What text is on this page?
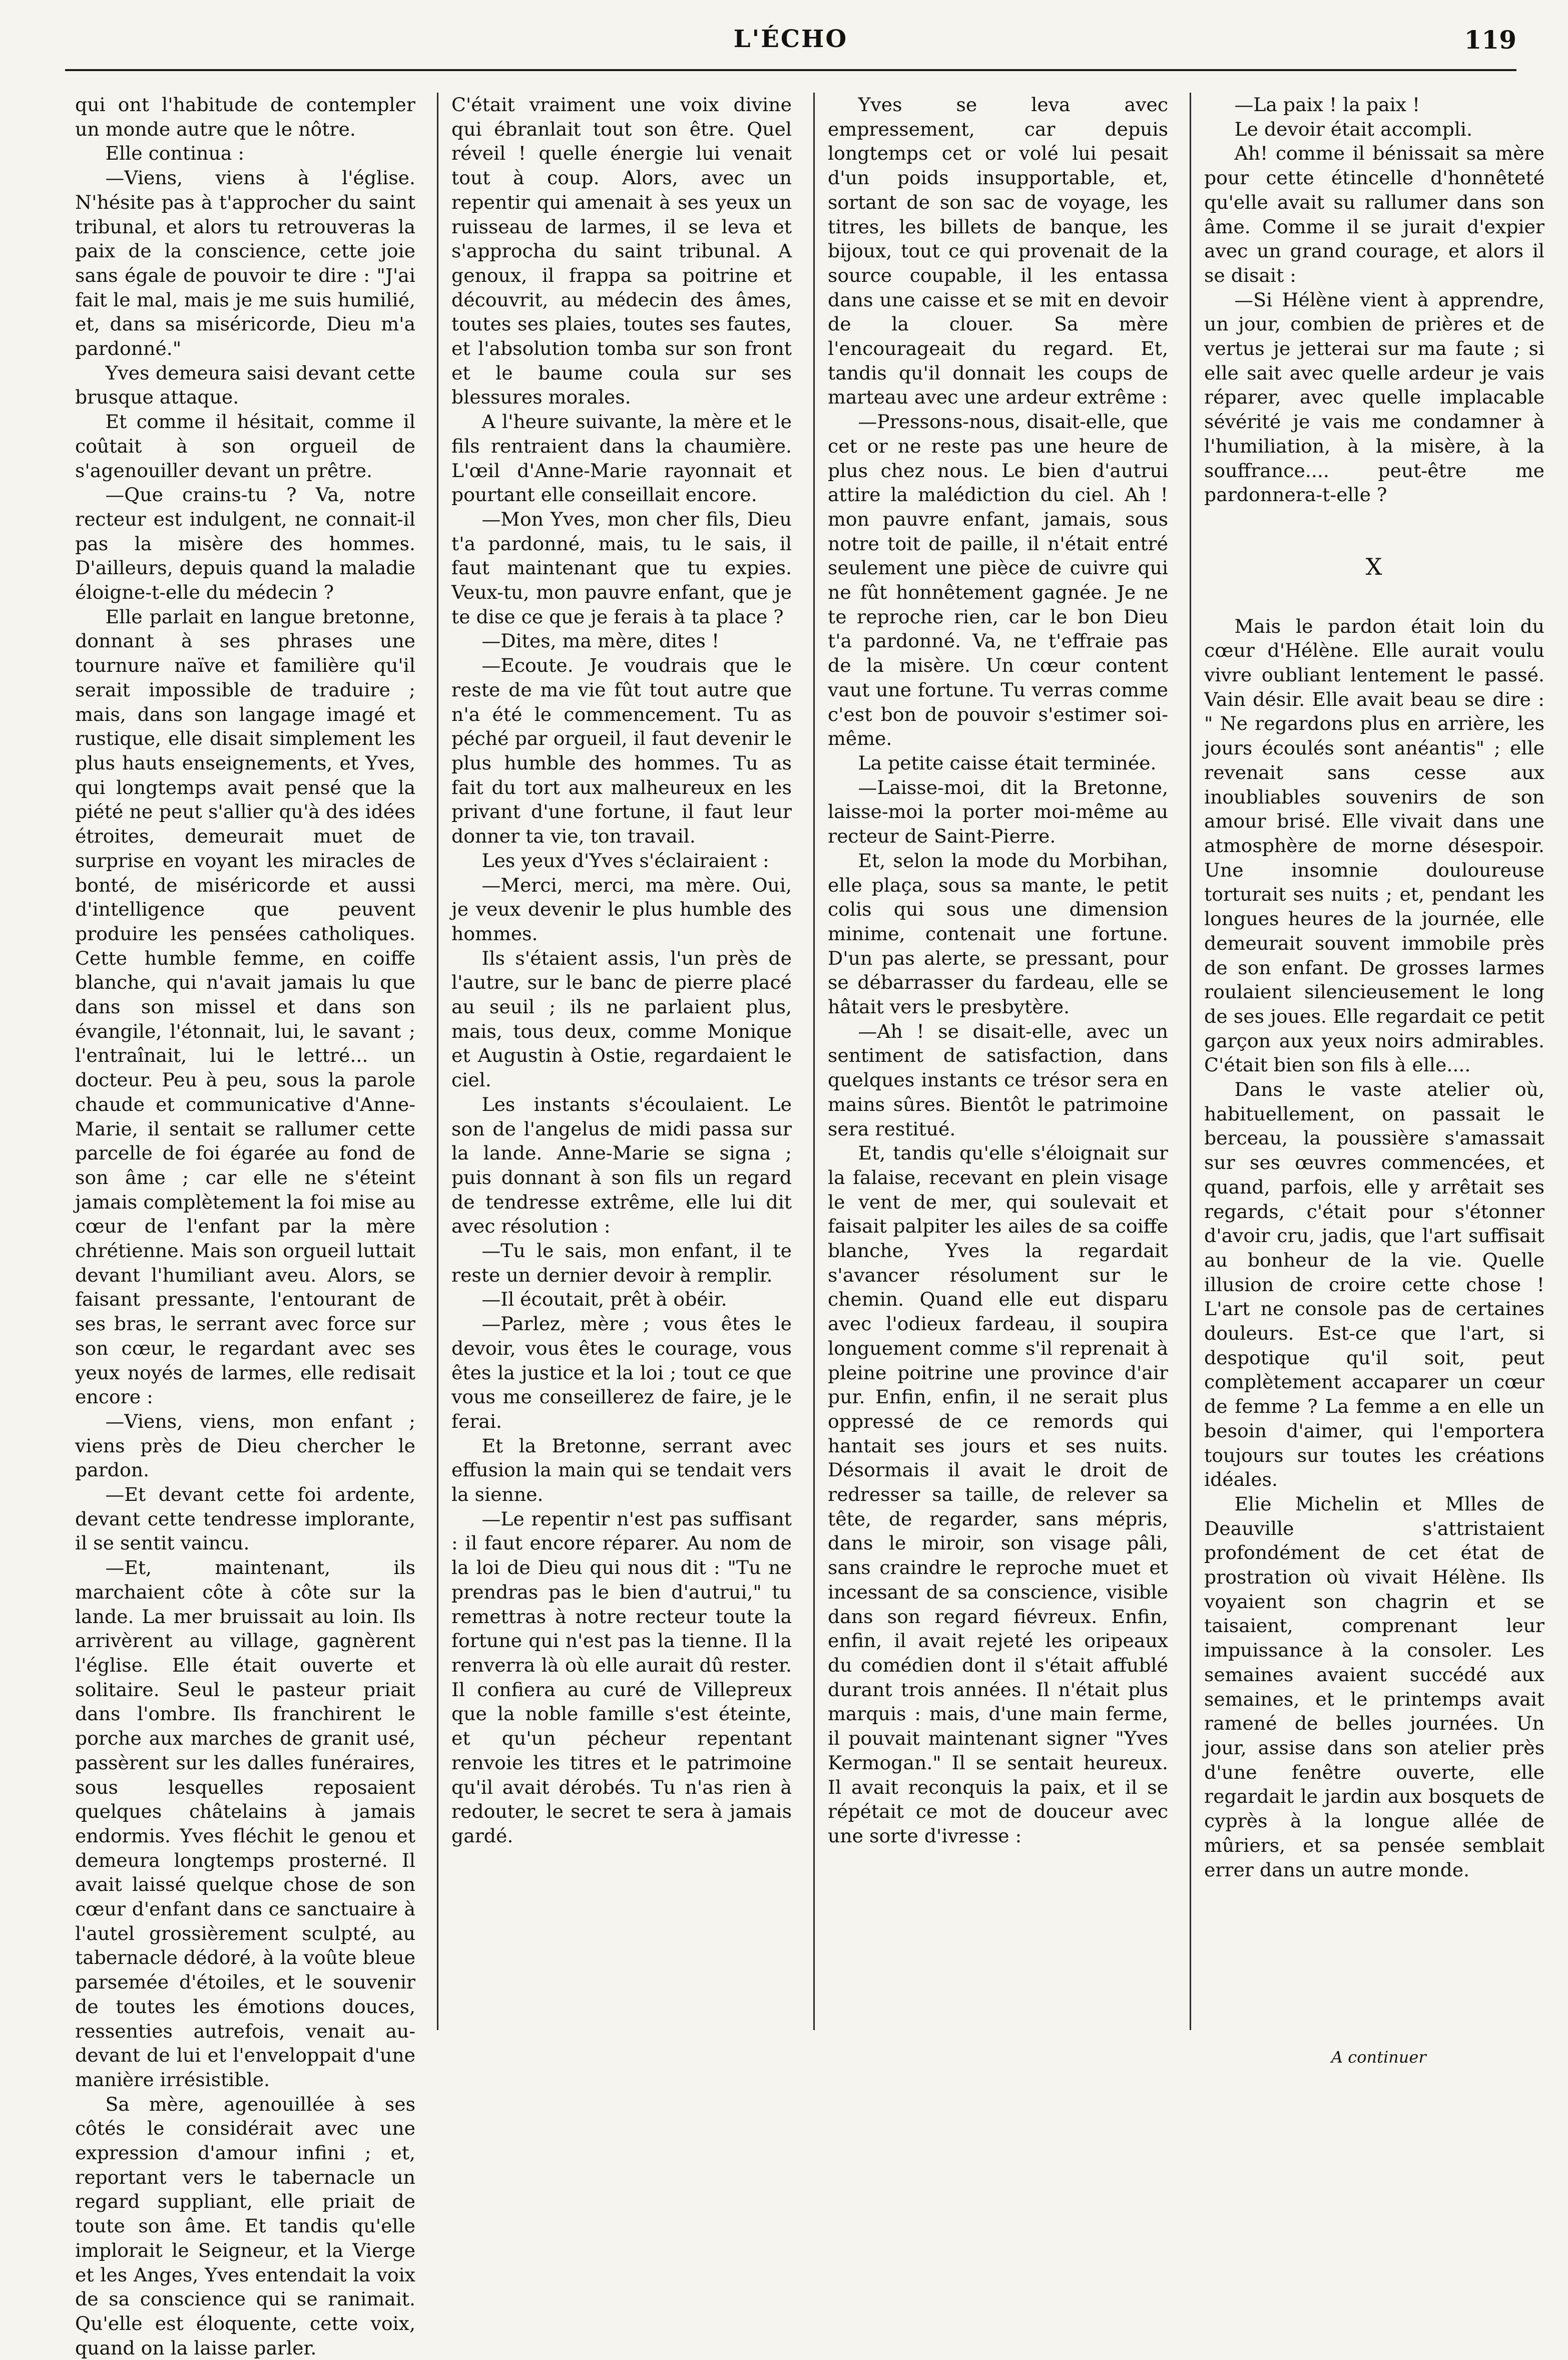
L'ÉCHO	119

qui ont l'habitude de contempler un monde autre que le nôtre.

Elle continua :

—Viens, viens à l'église. N'hésite pas à t'approcher du saint tribunal, et alors tu retrouveras la paix de la conscience, cette joie sans égale de pouvoir te dire : "J'ai fait le mal, mais je me suis humilié, et, dans sa miséricorde, Dieu m'a pardonné."

Yves demeura saisi devant cette brusque attaque.

Et comme il hésitait, comme il coûtait à son orgueil de s'agenouiller devant un prêtre.

—Que crains-tu ? Va, notre recteur est indulgent, ne connait-il pas la misère des hommes. D'ailleurs, depuis quand la maladie éloigne-t-elle du médecin ?

Elle parlait en langue bretonne, donnant à ses phrases une tournure naïve et familière qu'il serait impossible de traduire ; mais, dans son langage imagé et rustique, elle disait simplement les plus hauts enseignements, et Yves, qui longtemps avait pensé que la piété ne peut s'allier qu'à des idées étroites, demeurait muet de surprise en voyant les miracles de bonté, de miséricorde et aussi d'intelligence que peuvent produire les pensées catholiques. Cette humble femme, en coiffe blanche, qui n'avait jamais lu que dans son missel et dans son évangile, l'étonnait, lui, le savant ; l'entraînait, lui le lettré... un docteur. Peu à peu, sous la parole chaude et communicative d'Anne-Marie, il sentait se rallumer cette parcelle de foi égarée au fond de son âme ; car elle ne s'éteint jamais complètement la foi mise au cœur de l'enfant par la mère chrétienne. Mais son orgueil luttait devant l'humiliant aveu. Alors, se faisant pressante, l'entourant de ses bras, le serrant avec force sur son cœur, le regardant avec ses yeux noyés de larmes, elle redisait encore :

—Viens, viens, mon enfant ; viens près de Dieu chercher le pardon.

—Et devant cette foi ardente, devant cette tendresse implorante, il se sentit vaincu.

—Et, maintenant, ils marchaient côte à côte sur la lande. La mer bruissait au loin. Ils arrivèrent au village, gagnèrent l'église. Elle était ouverte et solitaire. Seul le pasteur priait dans l'ombre. Ils franchirent le porche aux marches de granit usé, passèrent sur les dalles funéraires, sous lesquelles reposaient quelques châtelains à jamais endormis. Yves fléchit le genou et demeura longtemps prosterné. Il avait laissé quelque chose de son cœur d'enfant dans ce sanctuaire à l'autel grossièrement sculpté, au tabernacle dédoré, à la voûte bleue parsemée d'étoiles, et le souvenir de toutes les émotions douces, ressenties autrefois, venait au-devant de lui et l'enveloppait d'une manière irrésistible.

Sa mère, agenouillée à ses côtés le considérait avec une expression d'amour infini ; et, reportant vers le tabernacle un regard suppliant, elle priait de toute son âme. Et tandis qu'elle implorait le Seigneur, et la Vierge et les Anges, Yves entendait la voix de sa conscience qui se ranimait. Qu'elle est éloquente, cette voix, quand on la laisse parler.

C'était vraiment une voix divine qui ébranlait tout son être. Quel réveil ! quelle énergie lui venait tout à coup. Alors, avec un repentir qui amenait à ses yeux un ruisseau de larmes, il se leva et s'approcha du saint tribunal. A genoux, il frappa sa poitrine et découvrit, au médecin des âmes, toutes ses plaies, toutes ses fautes, et l'absolution tomba sur son front et le baume coula sur ses blessures morales.

A l'heure suivante, la mère et le fils rentraient dans la chaumière. L'œil d'Anne-Marie rayonnait et pourtant elle conseillait encore.

—Mon Yves, mon cher fils, Dieu t'a pardonné, mais, tu le sais, il faut maintenant que tu expies. Veux-tu, mon pauvre enfant, que je te dise ce que je ferais à ta place ?

—Dites, ma mère, dites !

—Ecoute. Je voudrais que le reste de ma vie fût tout autre que n'a été le commencement. Tu as péché par orgueil, il faut devenir le plus humble des hommes. Tu as fait du tort aux malheureux en les privant d'une fortune, il faut leur donner ta vie, ton travail.

Les yeux d'Yves s'éclairaient :

—Merci, merci, ma mère. Oui, je veux devenir le plus humble des hommes.

Ils s'étaient assis, l'un près de l'autre, sur le banc de pierre placé au seuil ; ils ne parlaient plus, mais, tous deux, comme Monique et Augustin à Ostie, regardaient le ciel.

Les instants s'écoulaient. Le son de l'angelus de midi passa sur la lande. Anne-Marie se signa ; puis donnant à son fils un regard de tendresse extrême, elle lui dit avec résolution :

—Tu le sais, mon enfant, il te reste un dernier devoir à remplir.

—Il écoutait, prêt à obéir.

—Parlez, mère ; vous êtes le devoir, vous êtes le courage, vous êtes la justice et la loi ; tout ce que vous me conseillerez de faire, je le ferai.

Et la Bretonne, serrant avec effusion la main qui se tendait vers la sienne.

—Le repentir n'est pas suffisant : il faut encore réparer. Au nom de la loi de Dieu qui nous dit : "Tu ne prendras pas le bien d'autrui," tu remettras à notre recteur toute la fortune qui n'est pas la tienne. Il la renverra là où elle aurait dû rester. Il confiera au curé de Villepreux que la noble famille s'est éteinte, et qu'un pécheur repentant renvoie les titres et le patrimoine qu'il avait dérobés. Tu n'as rien à redouter, le secret te sera à jamais gardé.

Yves se leva avec empressement, car depuis longtemps cet or volé lui pesait d'un poids insupportable, et, sortant de son sac de voyage, les titres, les billets de banque, les bijoux, tout ce qui provenait de la source coupable, il les entassa dans une caisse et se mit en devoir de la clouer. Sa mère l'encourageait du regard. Et, tandis qu'il donnait les coups de marteau avec une ardeur extrême :

—Pressons-nous, disait-elle, que cet or ne reste pas une heure de plus chez nous. Le bien d'autrui attire la malédiction du ciel. Ah ! mon pauvre enfant, jamais, sous notre toit de paille, il n'était entré seulement une pièce de cuivre qui ne fût honnêtement gagnée. Je ne te reproche rien, car le bon Dieu t'a pardonné. Va, ne t'effraie pas de la misère. Un cœur content vaut une fortune. Tu verras comme c'est bon de pouvoir s'estimer soi-même.

La petite caisse était terminée.

—Laisse-moi, dit la Bretonne, laisse-moi la porter moi-même au recteur de Saint-Pierre.

Et, selon la mode du Morbihan, elle plaça, sous sa mante, le petit colis qui sous une dimension minime, contenait une fortune. D'un pas alerte, se pressant, pour se débarrasser du fardeau, elle se hâtait vers le presbytère.

—Ah ! se disait-elle, avec un sentiment de satisfaction, dans quelques instants ce trésor sera en mains sûres. Bientôt le patrimoine sera restitué.

Et, tandis qu'elle s'éloignait sur la falaise, recevant en plein visage le vent de mer, qui soulevait et faisait palpiter les ailes de sa coiffe blanche, Yves la regardait s'avancer résolument sur le chemin. Quand elle eut disparu avec l'odieux fardeau, il soupira longuement comme s'il reprenait à pleine poitrine une province d'air pur. Enfin, enfin, il ne serait plus oppressé de ce remords qui hantait ses jours et ses nuits. Désormais il avait le droit de redresser sa taille, de relever sa tête, de regarder, sans mépris, dans le miroir, son visage pâli, sans craindre le reproche muet et incessant de sa conscience, visible dans son regard fiévreux. Enfin, enfin, il avait rejeté les oripeaux du comédien dont il s'était affublé durant trois années. Il n'était plus marquis : mais, d'une main ferme, il pouvait maintenant signer "Yves Kermogan." Il se sentait heureux. Il avait reconquis la paix, et il se répétait ce mot de douceur avec une sorte d'ivresse :

—La paix ! la paix !

Le devoir était accompli.

Ah! comme il bénissait sa mère pour cette étincelle d'honnêteté qu'elle avait su rallumer dans son âme. Comme il se jurait d'expier avec un grand courage, et alors il se disait :

—Si Hélène vient à apprendre, un jour, combien de prières et de vertus je jetterai sur ma faute ; si elle sait avec quelle ardeur je vais réparer, avec quelle implacable sévérité je vais me condamner à l'humiliation, à la misère, à la souffrance.... peut-être me pardonnera-t-elle ?

X

Mais le pardon était loin du cœur d'Hélène. Elle aurait voulu vivre oubliant lentement le passé. Vain désir. Elle avait beau se dire : " Ne regardons plus en arrière, les jours écoulés sont anéantis" ; elle revenait sans cesse aux inoubliables souvenirs de son amour brisé. Elle vivait dans une atmosphère de morne désespoir. Une insomnie douloureuse torturait ses nuits ; et, pendant les longues heures de la journée, elle demeurait souvent immobile près de son enfant. De grosses larmes roulaient silencieusement le long de ses joues. Elle regardait ce petit garçon aux yeux noirs admirables. C'était bien son fils à elle....

Dans le vaste atelier où, habituellement, on passait le berceau, la poussière s'amassait sur ses œuvres commencées, et quand, parfois, elle y arrêtait ses regards, c'était pour s'étonner d'avoir cru, jadis, que l'art suffisait au bonheur de la vie. Quelle illusion de croire cette chose ! L'art ne console pas de certaines douleurs. Est-ce que l'art, si despotique qu'il soit, peut complètement accaparer un cœur de femme ? La femme a en elle un besoin d'aimer, qui l'emportera toujours sur toutes les créations idéales.

Elie Michelin et Mlles de Deauville s'attristaient profondément de cet état de prostration où vivait Hélène. Ils voyaient son chagrin et se taisaient, comprenant leur impuissance à la consoler. Les semaines avaient succédé aux semaines, et le printemps avait ramené de belles journées. Un jour, assise dans son atelier près d'une fenêtre ouverte, elle regardait le jardin aux bosquets de cyprès à la longue allée de mûriers, et sa pensée semblait errer dans un autre monde.

A continuer
